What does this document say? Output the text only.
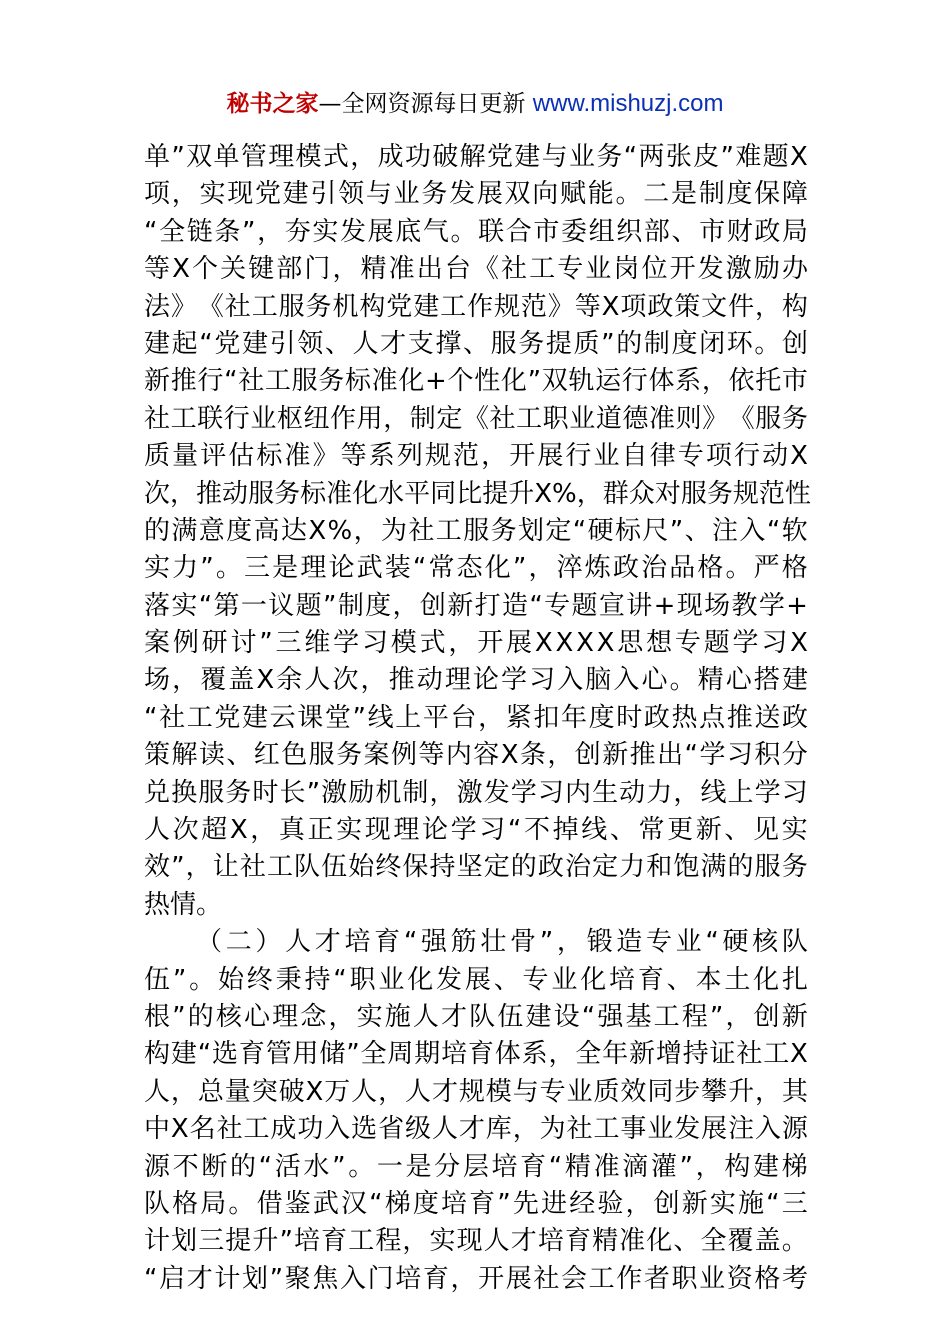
秘书之家—全网资源每日更新 www.mishuzj.com
单 ” 双 单 管 理 模 式 ， 成 功 破 解 党 建 与 业 务 “ 两 张 皮 ” 难 题 X
项 ， 实 现 党 建 引 领 与 业 务 发 展 双 向 赋 能 。 二 是 制 度 保 障
“ 全 链 条 ” ， 夯 实 发 展 底 气 。 联 合 市 委 组 织 部 、 市 财 政 局
等 X 个 关 键 部 门 ， 精 准 出 台 《 社 工 专 业 岗 位 开 发 激 励 办
法 》 《 社 工 服 务 机 构 党 建 工 作 规 范 》 等 X 项 政 策 文 件 ， 构
建 起 “ 党 建 引 领 、 人 才 支 撑 、 服 务 提 质 ” 的 制 度 闭 环 。 创
新 推 行 “ 社 工 服 务 标 准 化 + 个 性 化 ” 双 轨 运 行 体 系 ， 依 托 市
社 工 联 行 业 枢 纽 作 用 ， 制 定 《 社 工 职 业 道 德 准 则 》 《 服 务
质 量 评 估 标 准 》 等 系 列 规 范 ， 开 展 行 业 自 律 专 项 行 动 X
次 ， 推 动 服 务 标 准 化 水 平 同 比 提 升 X % ， 群 众 对 服 务 规 范 性
的 满 意 度 高 达 X % ， 为 社 工 服 务 划 定 “ 硬 标 尺 ” 、 注 入 “ 软
实 力 ” 。 三 是 理 论 武 装 “ 常 态 化 ” ， 淬 炼 政 治 品 格 。 严 格
落 实 “ 第 一 议 题 ” 制 度 ， 创 新 打 造 “ 专 题 宣 讲 + 现 场 教 学 +
案 例 研 讨 ” 三 维 学 习 模 式 ， 开 展 X X X X 思 想 专 题 学 习 X
场 ， 覆 盖 X 余 人 次 ， 推 动 理 论 学 习 入 脑 入 心 。 精 心 搭 建
“ 社 工 党 建 云 课 堂 ” 线 上 平 台 ， 紧 扣 年 度 时 政 热 点 推 送 政
策 解 读 、 红 色 服 务 案 例 等 内 容 X 条 ， 创 新 推 出 “ 学 习 积 分
兑 换 服 务 时 长 ” 激 励 机 制 ， 激 发 学 习 内 生 动 力 ， 线 上 学 习
人 次 超 X ， 真 正 实 现 理 论 学 习 “ 不 掉 线 、 常 更 新 、 见 实
效 ” ， 让 社 工 队 伍 始 终 保 持 坚 定 的 政 治 定 力 和 饱 满 的 服 务
热情。
（ 二 ） 人 才 培 育 “ 强 筋 壮 骨 ” ， 锻 造 专 业 “ 硬 核 队
伍 ” 。 始 终 秉 持 “ 职 业 化 发 展 、 专 业 化 培 育 、 本 土 化 扎
根 ” 的 核 心 理 念 ， 实 施 人 才 队 伍 建 设 “ 强 基 工 程 ” ， 创 新
构 建 “ 选 育 管 用 储 ” 全 周 期 培 育 体 系 ， 全 年 新 增 持 证 社 工 X
人 ， 总 量 突 破 X 万 人 ， 人 才 规 模 与 专 业 质 效 同 步 攀 升 ， 其
中 X 名 社 工 成 功 入 选 省 级 人 才 库 ， 为 社 工 事 业 发 展 注 入 源
源 不 断 的 “ 活 水 ” 。 一 是 分 层 培 育 “ 精 准 滴 灌 ” ， 构 建 梯
队 格 局 。 借 鉴 武 汉 “ 梯 度 培 育 ” 先 进 经 验 ， 创 新 实 施 “ 三
计 划 三 提 升 ” 培 育 工 程 ， 实 现 人 才 培 育 精 准 化 、 全 覆 盖 。
“ 启 才 计 划 ” 聚 焦 入 门 培 育 ， 开 展 社 会 工 作 者 职 业 资 格 考
